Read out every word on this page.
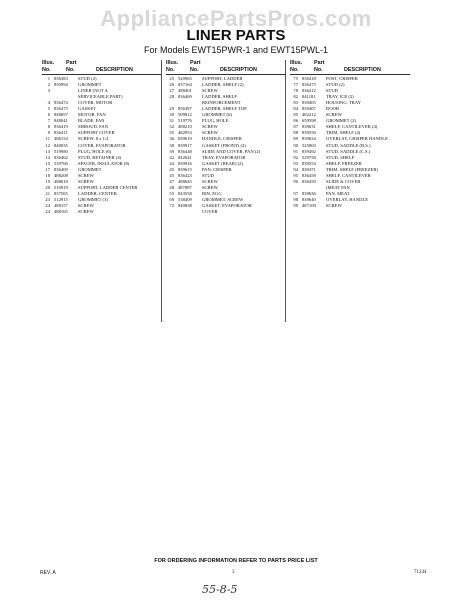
AppliancePartsPros.com
LINER PARTS
For Models EWT15PWR-1 and EWT15PWL-1
Illus.
No.
Part
No.	DESCRIPTION
1 836383	STUD (2)
2 850994	GROMMET
3	LINER (NOT A
SERVICEABLE PART)
4 836474	COVER, MOTOR
5 836475	GASKET
6 848697	MOTOR, FAN
7 848041	BLADE, FAN
8 836419	SHROUD, FAN
9 836411	SUPPORT COVER
11 486154	SCREW, 8 x 1/2
12 840035	COVER, EVAPORATOR
13 519980	PLUG, HOLE (6)
14 836462	STUD, RETAINER (4)
15 539760	SPACER, INSULATOR (8)
17 836409	GROMMET
18 488208	SCREW
19 488618	SCREW
20 510919	SUPPORT, LADDER CENTER
21 837565	LADDER, CENTER
23 512915	GROMMET (3)
24 488157	SCREW
24 488165	SCREW
Illus.
No.
Part
No.	DESCRIPTION
25 520965	SUPPORT, LADDER
26 837164	LADDER, SHELF (2)
27 488401	SCREW
28 836469	LADDER, SHELF
REINFORCEMENT
29 856387	LADDER, SHELF TOP
30 509812	GROMMET (6)
31 519776	PLUG, HOLE
32 488210	SCREW
35 482953	SCREW
36 839619	HANDLE, CRISPER
38 839917	GASKET (FRONT) (2)
39 836448	SLIDE AND COVER, PAN (2)
42 842041	TRAY, EVAPORATOR
44 839916	GASKET (REAR) (2)
45 839615	PAN, CRISPER
45 836423	STUD
47 488645	SCREW
48 487887	SCREW
55 843558	BIN, EGG
69 538409	GROMMET, SCREW
72 840838	GASKET, EVAPORATOR
COVER
Illus.
No.
Part
No.	DESCRIPTION
75 836418	POST, CRISPER
77 836475	STUD (2)
78 836412	STUD
82 841181	TRAY, ICE (2)
83 839405	HOUSING, TRAY
84 839407	DOOR
85 482212	SCREW
86 659598	GROMMET (2)
87 839631	SHELF, CANTILEVER (4)
88 839556	TRIM, SHELF (4)
89 839634	OVERLAY, CRISPER HANDLE
90 525803	STUD, SADDLE (R.S.)
91 839492	STUD, SADDLE (L.S.)
92 529758	STUD, SHELF
93 839554	SHELF, FREEZER
94 839471	TRIM, SHELF (FREEZER)
95 836458	SHELF, CANTILEVER
96 836450	SLIDE & COVER
(MEAT PAN
97 839636	PAN, MEAT
98 839640	OVERLAY, HANDLE
99 487109	SCREW
FOR ORDERING INFORMATION REFER TO PARTS PRICE LIST
REV. A	3	71244
55-8-5
